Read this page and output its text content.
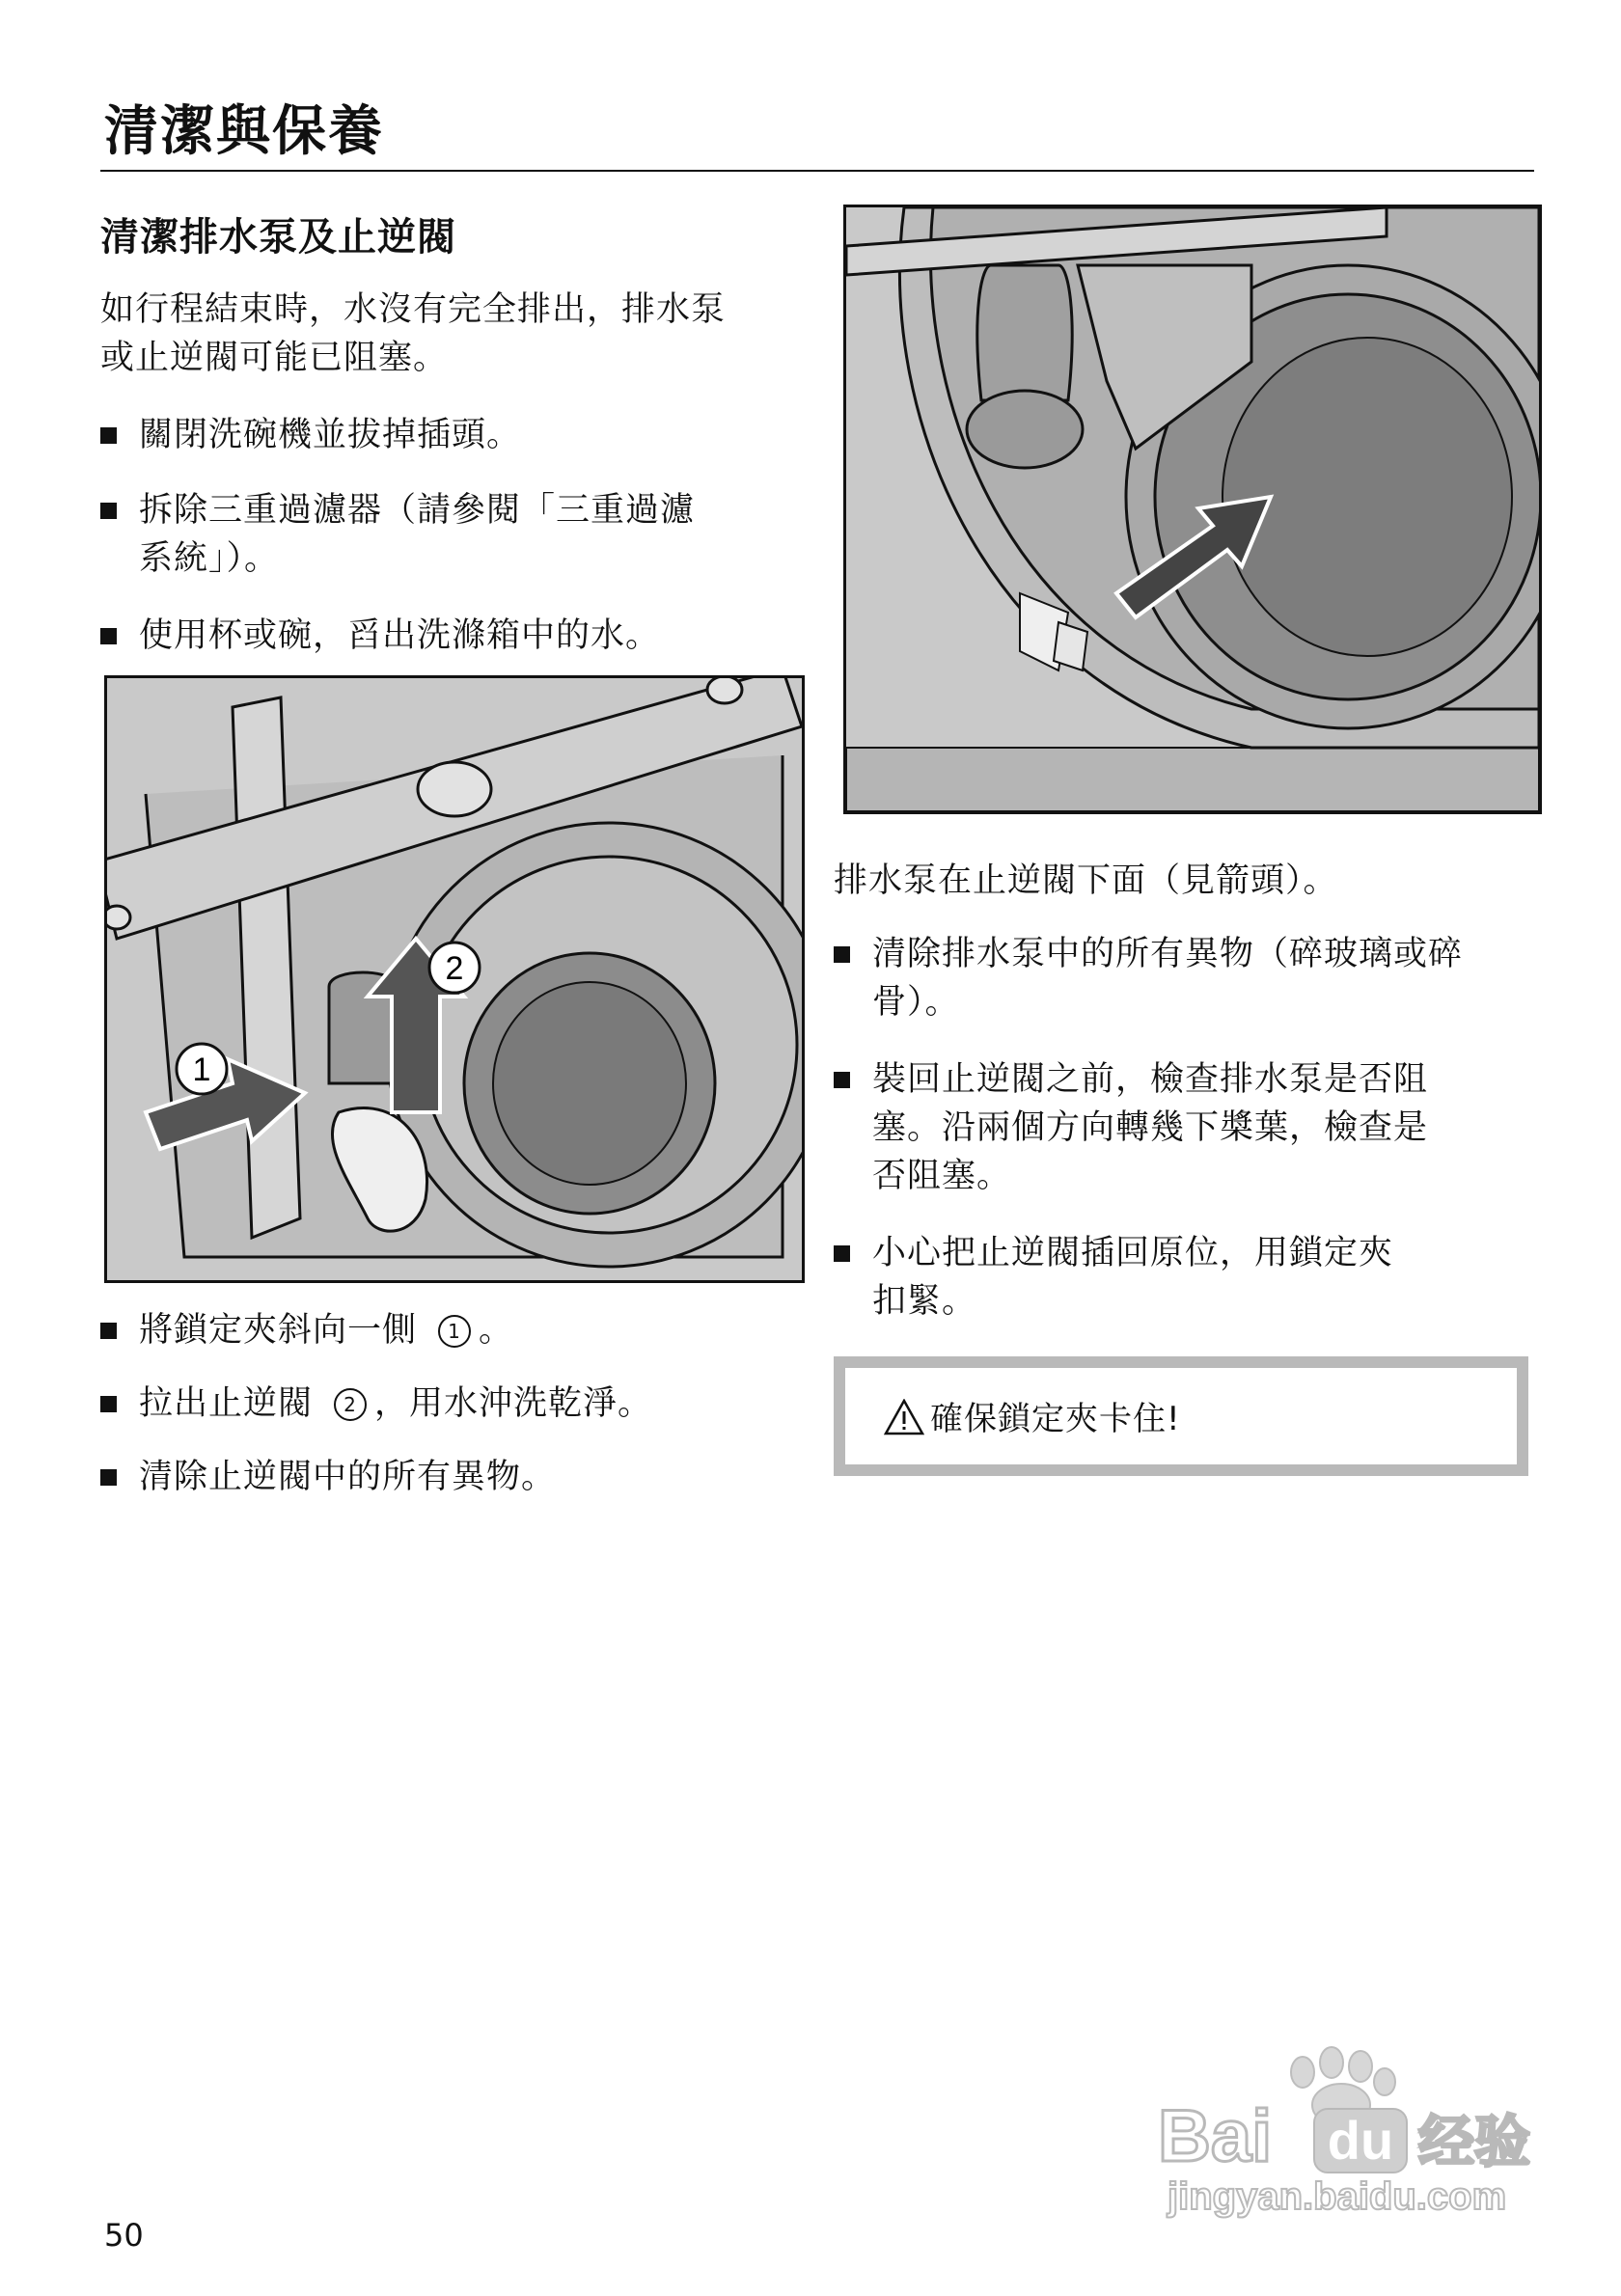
清潔與保養
清潔排水泵及止逆閥
如行程結束時，水沒有完全排出，排水泵
或止逆閥可能已阻塞。
關閉洗碗機並拔掉插頭。
拆除三重過濾器（請參閱「三重過濾
系統」）。
使用杯或碗，舀出洗滌箱中的水。
1
2
將鎖定夾斜向一側 1 。
拉出止逆閥 2 ，用水沖洗乾淨。
清除止逆閥中的所有異物。
排水泵在止逆閥下面（見箭頭）。
清除排水泵中的所有異物（碎玻璃或碎
骨）。
裝回止逆閥之前，檢查排水泵是否阻
塞。沿兩個方向轉幾下槳葉，檢查是
否阻塞。
小心把止逆閥插回原位，用鎖定夾
扣緊。
確保鎖定夾卡住!
50
Bai du 经验
jingyan.baidu.com
